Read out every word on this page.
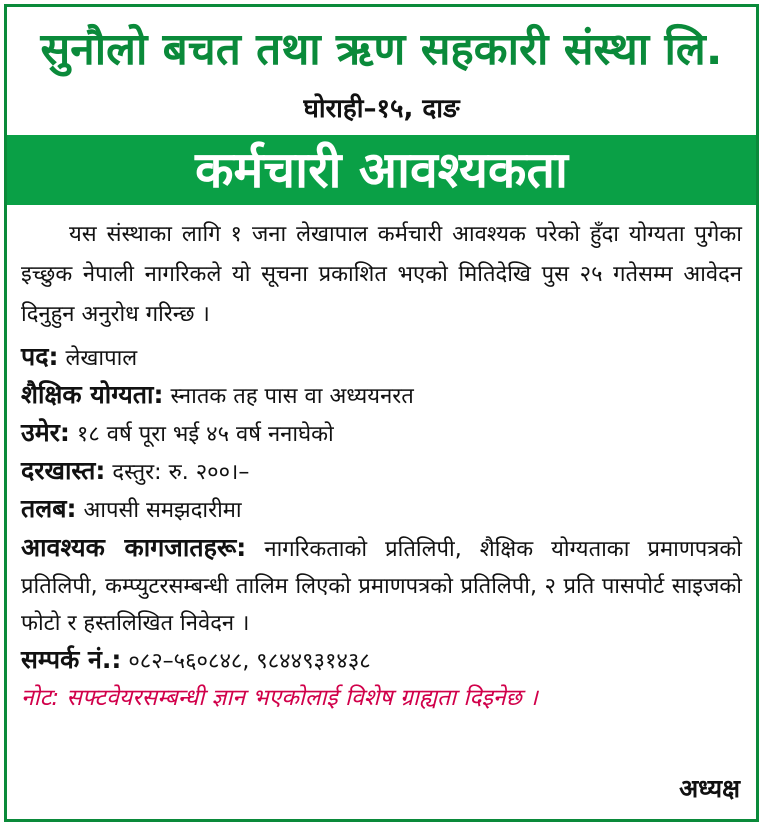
सुनौलो बचत तथा ऋण सहकारी संस्था लि.
घोराही–१५, दाङ
कर्मचारी आवश्यकता

यस संस्थाका लागि १ जना लेखापाल कर्मचारी आवश्यक परेको हुँदा योग्यता पुगेका इच्छुक नेपाली नागरिकले यो सूचना प्रकाशित भएको मितिदेखि पुस २५ गतेसम्म आवेदन दिनुहुन अनुरोध गरिन्छ ।

पद: लेखापाल

शैक्षिक योग्यता: स्नातक तह पास वा अध्ययनरत

उमेर: १८ वर्ष पूरा भई ४५ वर्ष ननाघेको

दरखास्त: दस्तुर: रु. २००।–

तलब: आपसी समझदारीमा

आवश्यक कागजातहरू: नागरिकताको प्रतिलिपी, शैक्षिक योग्यताका प्रमाणपत्रको प्रतिलिपी, कम्प्युटरसम्बन्धी तालिम लिएको प्रमाणपत्रको प्रतिलिपी, २ प्रति पासपोर्ट साइजको फोटो र हस्तलिखित निवेदन ।

सम्पर्क नं.: ०८२–५६०८४८, ९८४४९३१४३८

नोट: सफ्टवेयरसम्बन्धी ज्ञान भएकोलाई विशेष ग्राह्यता दिइनेछ ।

अध्यक्ष
